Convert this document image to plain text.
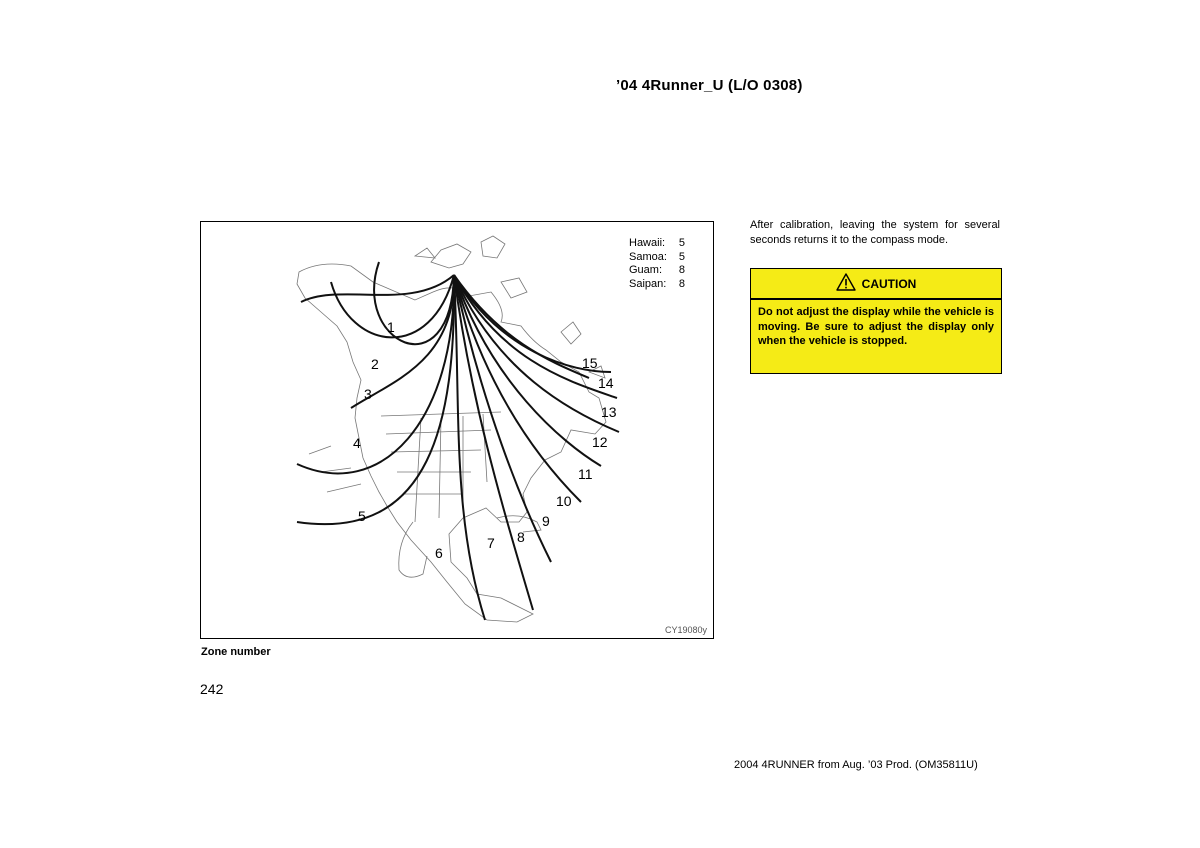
’04 4Runner_U (L/O 0308)
1
2
3
4
5
6
7 8
9
10
11
12
13
14
15
Hawaii:	5
Samoa:	5
Guam:	8
Saipan:	8
CY19080y
Zone number
242
After calibration, leaving the system for several seconds returns it to the compass mode.
CAUTION
Do not adjust the display while the vehicle is moving. Be sure to adjust the display only when the vehicle is stopped.
2004 4RUNNER from Aug. ’03 Prod. (OM35811U)
